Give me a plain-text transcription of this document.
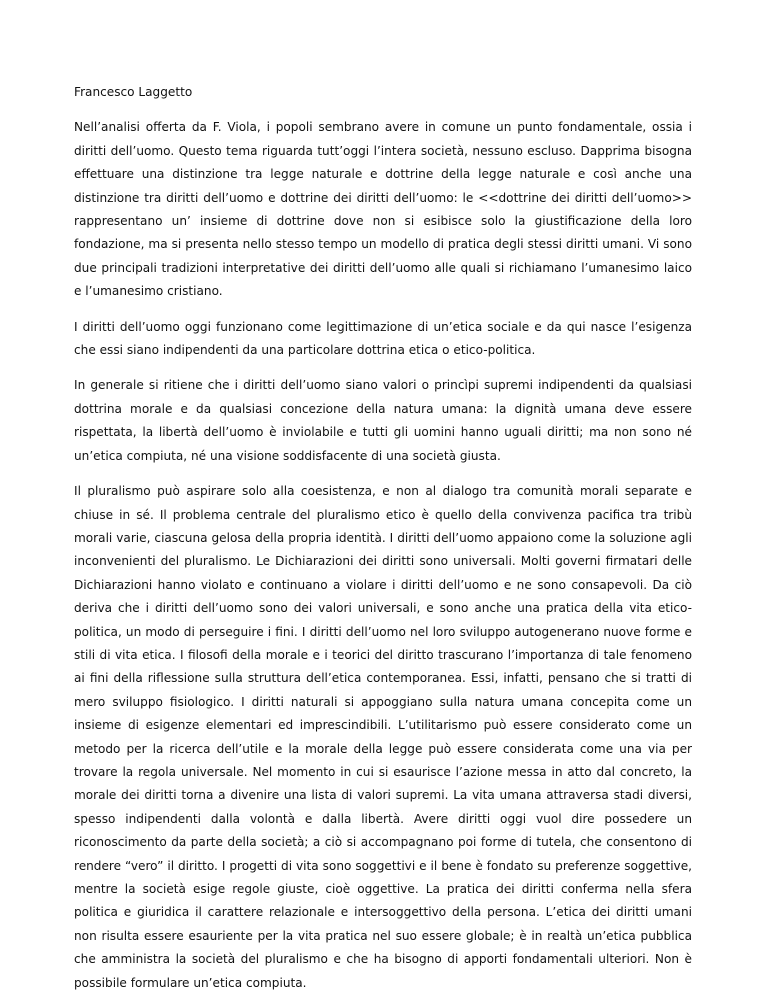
Francesco Laggetto

Nell’analisi offerta da F. Viola, i popoli sembrano avere in comune un punto fondamentale, ossia i diritti dell’uomo. Questo tema riguarda tutt’oggi l’intera società, nessuno escluso. Dapprima bisogna effettuare una distinzione tra legge naturale e dottrine della legge naturale e così anche una distinzione tra diritti dell’uomo e dottrine dei diritti dell’uomo: le <<dottrine dei diritti dell’uomo>> rappresentano un’ insieme di dottrine dove non si esibisce solo la giustificazione della loro fondazione, ma si presenta nello stesso tempo un modello di pratica degli stessi diritti umani. Vi sono due principali tradizioni interpretative dei diritti dell’uomo alle quali si richiamano l’umanesimo laico e l’umanesimo cristiano.

I diritti dell’uomo oggi funzionano come legittimazione di un’etica sociale e da qui nasce l’esigenza che essi siano indipendenti da una particolare dottrina etica o etico-politica.

In generale si ritiene che i diritti dell’uomo siano valori o princìpi supremi indipendenti da qualsiasi dottrina morale e da qualsiasi concezione della natura umana: la dignità umana deve essere rispettata, la libertà dell’uomo è inviolabile e tutti gli uomini hanno uguali diritti; ma non sono né un’etica compiuta, né una visione soddisfacente di una società giusta.

Il pluralismo può aspirare solo alla coesistenza, e non al dialogo tra comunità morali separate e chiuse in sé. Il problema centrale del pluralismo etico è quello della convivenza pacifica tra tribù morali varie, ciascuna gelosa della propria identità. I diritti dell’uomo appaiono come la soluzione agli inconvenienti del pluralismo. Le Dichiarazioni dei diritti sono universali. Molti governi firmatari delle Dichiarazioni hanno violato e continuano a violare i diritti dell’uomo e ne sono consapevoli. Da ciò deriva che i diritti dell’uomo sono dei valori universali, e sono anche una pratica della vita etico-politica, un modo di perseguire i fini. I diritti dell’uomo nel loro sviluppo autogenerano nuove forme e stili di vita etica. I filosofi della morale e i teorici del diritto trascurano l’importanza di tale fenomeno ai fini della riflessione sulla struttura dell’etica contemporanea. Essi, infatti, pensano che si tratti di mero sviluppo fisiologico. I diritti naturali si appoggiano sulla natura umana concepita come un insieme di esigenze elementari ed imprescindibili. L’utilitarismo può essere considerato come un metodo per la ricerca dell’utile e la morale della legge può essere considerata come una via per trovare la regola universale. Nel momento in cui si esaurisce l’azione messa in atto dal concreto, la morale dei diritti torna a divenire una lista di valori supremi. La vita umana attraversa stadi diversi, spesso indipendenti dalla volontà e dalla libertà. Avere diritti oggi vuol dire possedere un riconoscimento da parte della società; a ciò si accompagnano poi forme di tutela, che consentono di rendere “vero” il diritto. I progetti di vita sono soggettivi e il bene è fondato su preferenze soggettive, mentre la società esige regole giuste, cioè oggettive. La pratica dei diritti conferma nella sfera politica e giuridica il carattere relazionale e intersoggettivo della persona. L’etica dei diritti umani non risulta essere esauriente per la vita pratica nel suo essere globale; è in realtà un’etica pubblica che amministra la società del pluralismo e che ha bisogno di apporti fondamentali ulteriori. Non è possibile formulare un’etica compiuta.
